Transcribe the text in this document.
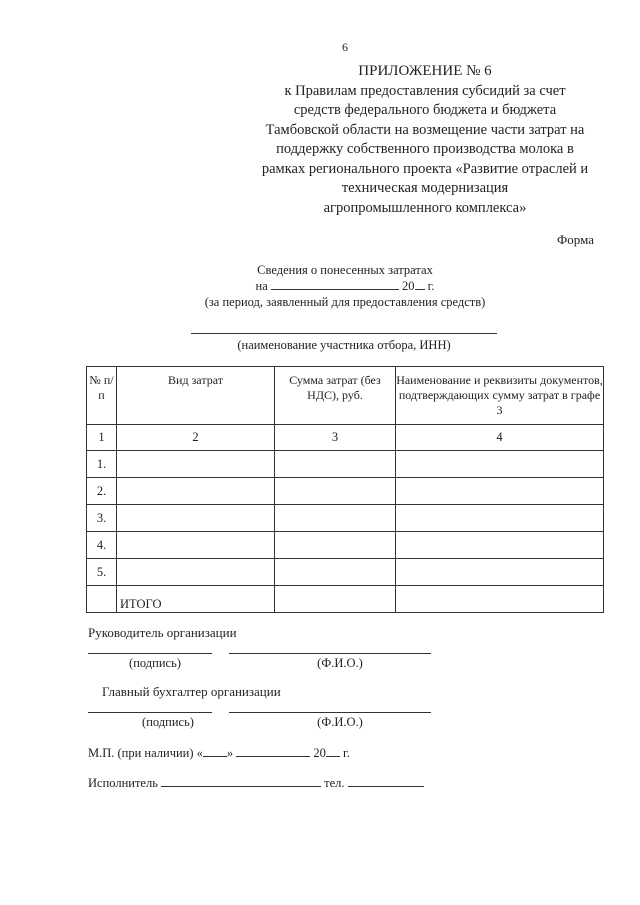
6
ПРИЛОЖЕНИЕ № 6
к Правилам предоставления субсидий за счет
средств федерального бюджета и бюджета
Тамбовской области на возмещение части затрат на
поддержку собственного производства молока в
рамках регионального проекта «Развитие отраслей и
техническая модернизация
агропромышленного комплекса»
Форма
Сведения о понесенных затратах
на	20 г.
(за период, заявленный для предоставления средств)
(наименование участника отбора, ИНН)
№ п/п	Вид затрат	Сумма затрат (без НДС), руб.	Наименование и реквизиты документов, подтверждающих сумму затрат в графе 3
1	2	3	4
1.			
2.			
3.			
4.			
5.			
	ИТОГО		
Руководитель организации
(подпись)	(Ф.И.О.)
Главный бухгалтер организации
(подпись)	(Ф.И.О.)
М.П. (при наличии) « »	20 г.
Исполнитель	тел.
